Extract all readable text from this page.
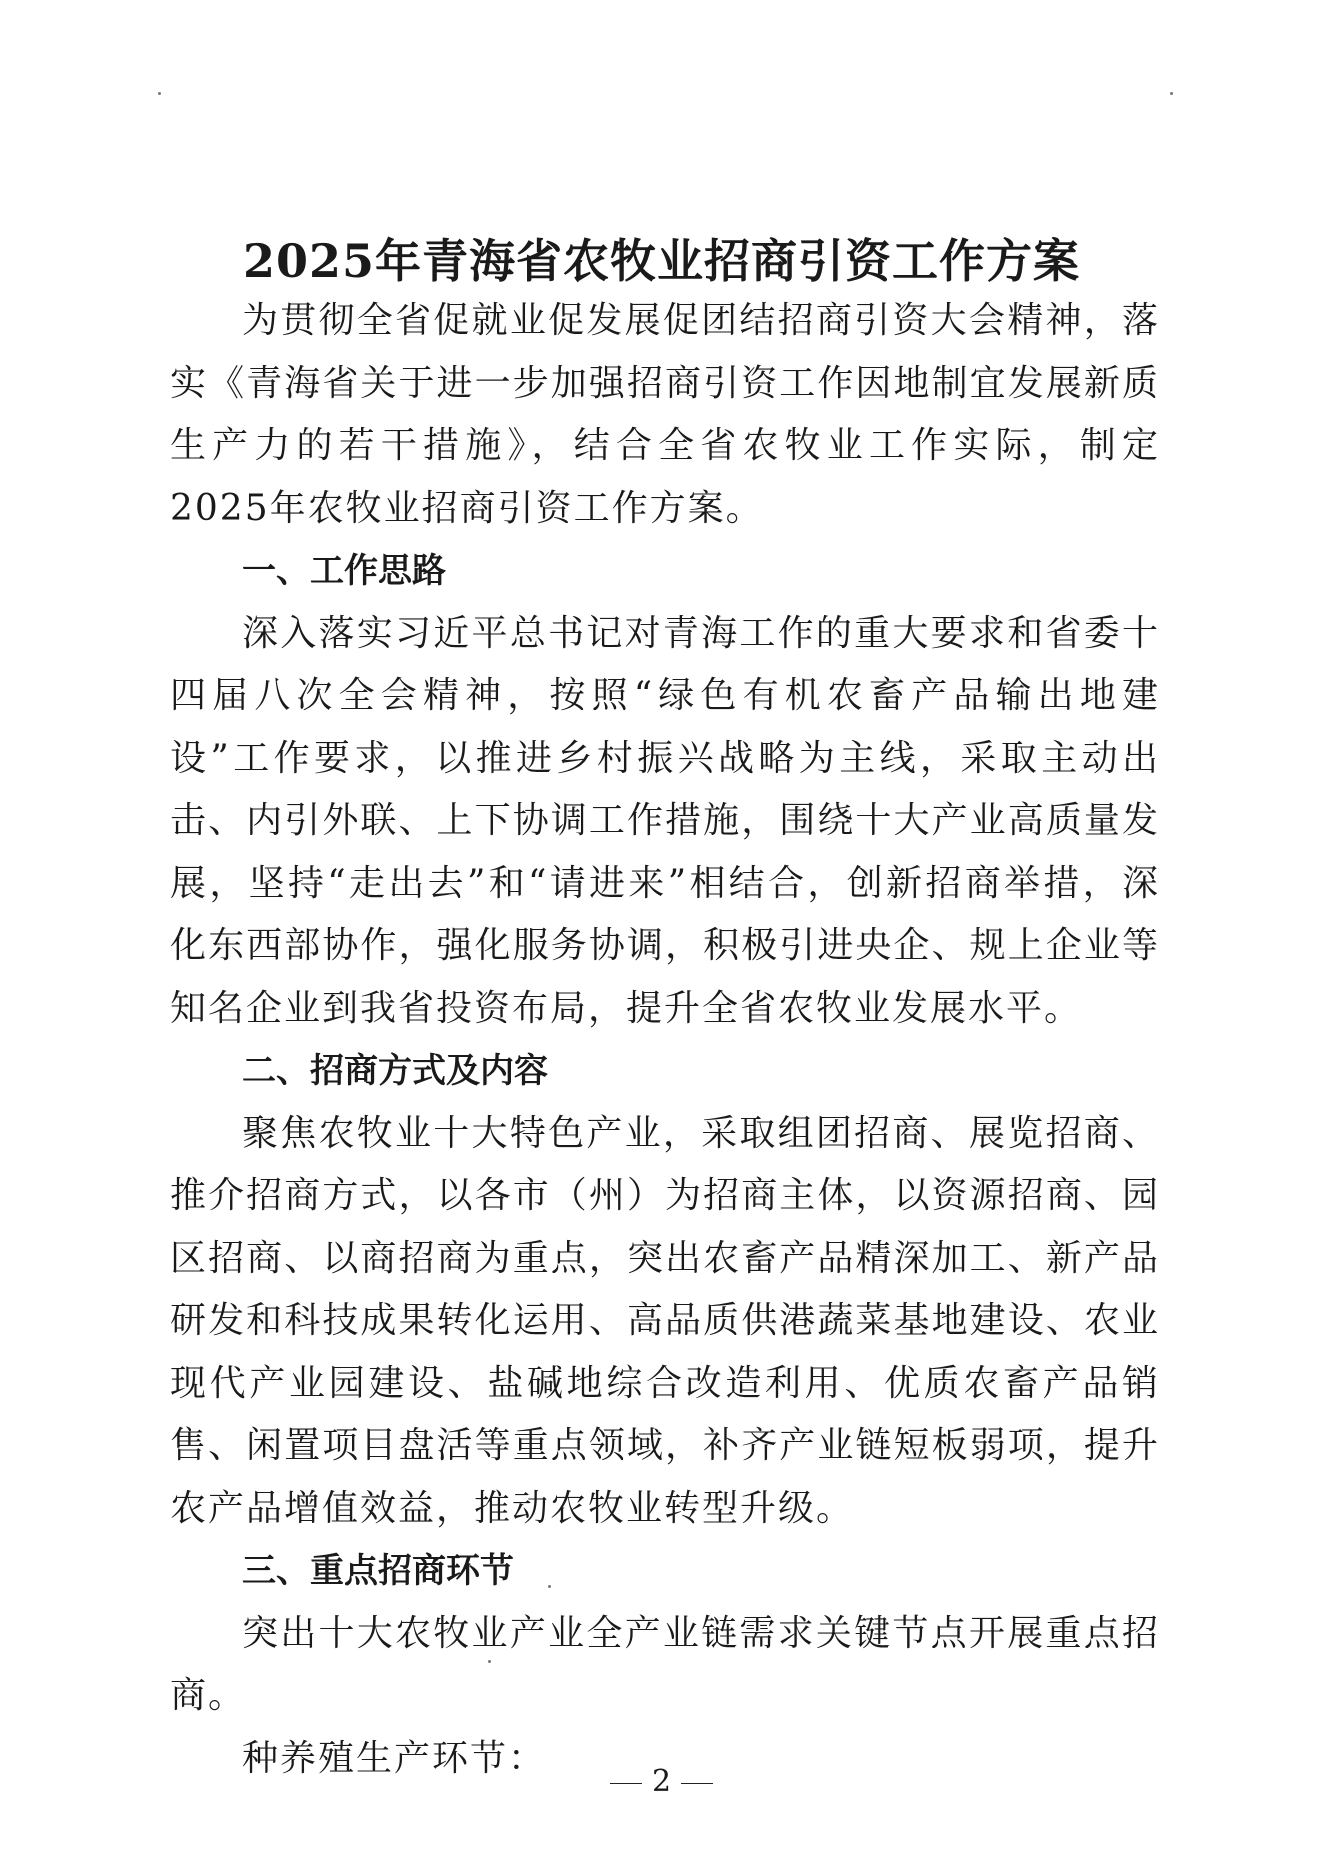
2025年青海省农牧业招商引资工作方案

为贯彻全省促就业促发展促团结招商引资大会精神，落实《青海省关于进一步加强招商引资工作因地制宜发展新质生产力的若干措施》，结合全省农牧业工作实际，制定2025年农牧业招商引资工作方案。

一、工作思路

深入落实习近平总书记对青海工作的重大要求和省委十四届八次全会精神，按照“绿色有机农畜产品输出地建设”工作要求，以推进乡村振兴战略为主线，采取主动出击、内引外联、上下协调工作措施，围绕十大产业高质量发展，坚持“走出去”和“请进来”相结合，创新招商举措，深化东西部协作，强化服务协调，积极引进央企、规上企业等知名企业到我省投资布局，提升全省农牧业发展水平。

二、招商方式及内容

聚焦农牧业十大特色产业，采取组团招商、展览招商、推介招商方式，以各市（州）为招商主体，以资源招商、园区招商、以商招商为重点，突出农畜产品精深加工、新产品研发和科技成果转化运用、高品质供港蔬菜基地建设、农业现代产业园建设、盐碱地综合改造利用、优质农畜产品销售、闲置项目盘活等重点领域，补齐产业链短板弱项，提升农产品增值效益，推动农牧业转型升级。

三、重点招商环节

突出十大农牧业产业全产业链需求关键节点开展重点招商。

种养殖生产环节：

2
